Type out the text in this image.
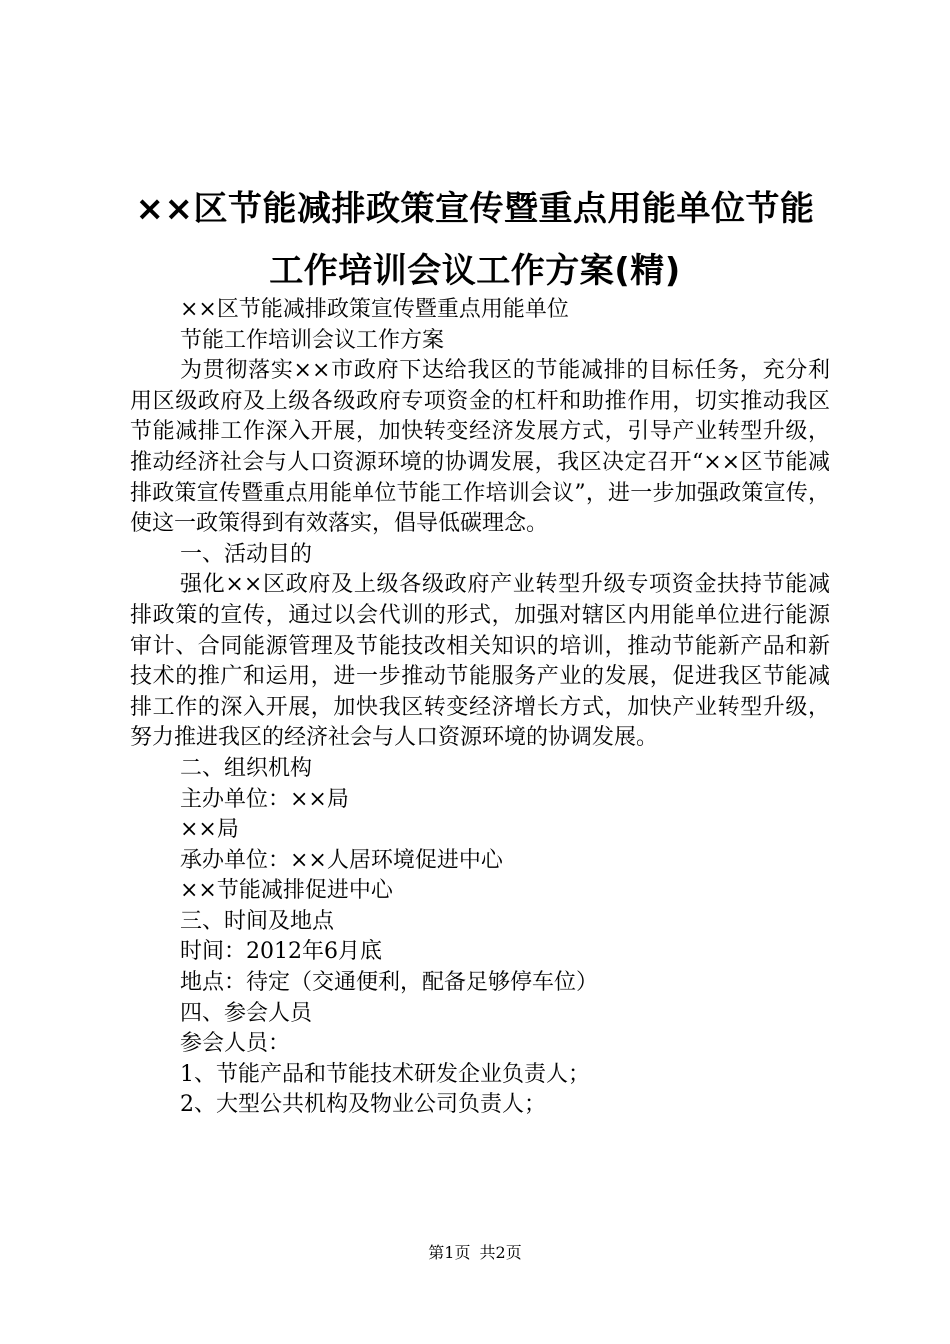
××区节能减排政策宣传暨重点用能单位节能
工作培训会议工作方案(精)

××区节能减排政策宣传暨重点用能单位

节能工作培训会议工作方案

为贯彻落实××市政府下达给我区的节能减排的目标任务，充分利用区级政府及上级各级政府专项资金的杠杆和助推作用，切实推动我区节能减排工作深入开展，加快转变经济发展方式，引导产业转型升级，推动经济社会与人口资源环境的协调发展，我区决定召开“××区节能减排政策宣传暨重点用能单位节能工作培训会议”，进一步加强政策宣传，使这一政策得到有效落实，倡导低碳理念。

一、活动目的

强化××区政府及上级各级政府产业转型升级专项资金扶持节能减排政策的宣传，通过以会代训的形式，加强对辖区内用能单位进行能源审计、合同能源管理及节能技改相关知识的培训，推动节能新产品和新技术的推广和运用，进一步推动节能服务产业的发展，促进我区节能减排工作的深入开展，加快我区转变经济增长方式，加快产业转型升级，努力推进我区的经济社会与人口资源环境的协调发展。

二、组织机构

主办单位：××局

××局

承办单位：××人居环境促进中心

××节能减排促进中心

三、时间及地点

时间：2012年6月底

地点：待定（交通便利，配备足够停车位）

四、参会人员

参会人员：

1、节能产品和节能技术研发企业负责人；

2、大型公共机构及物业公司负责人；

第1页 共2页
